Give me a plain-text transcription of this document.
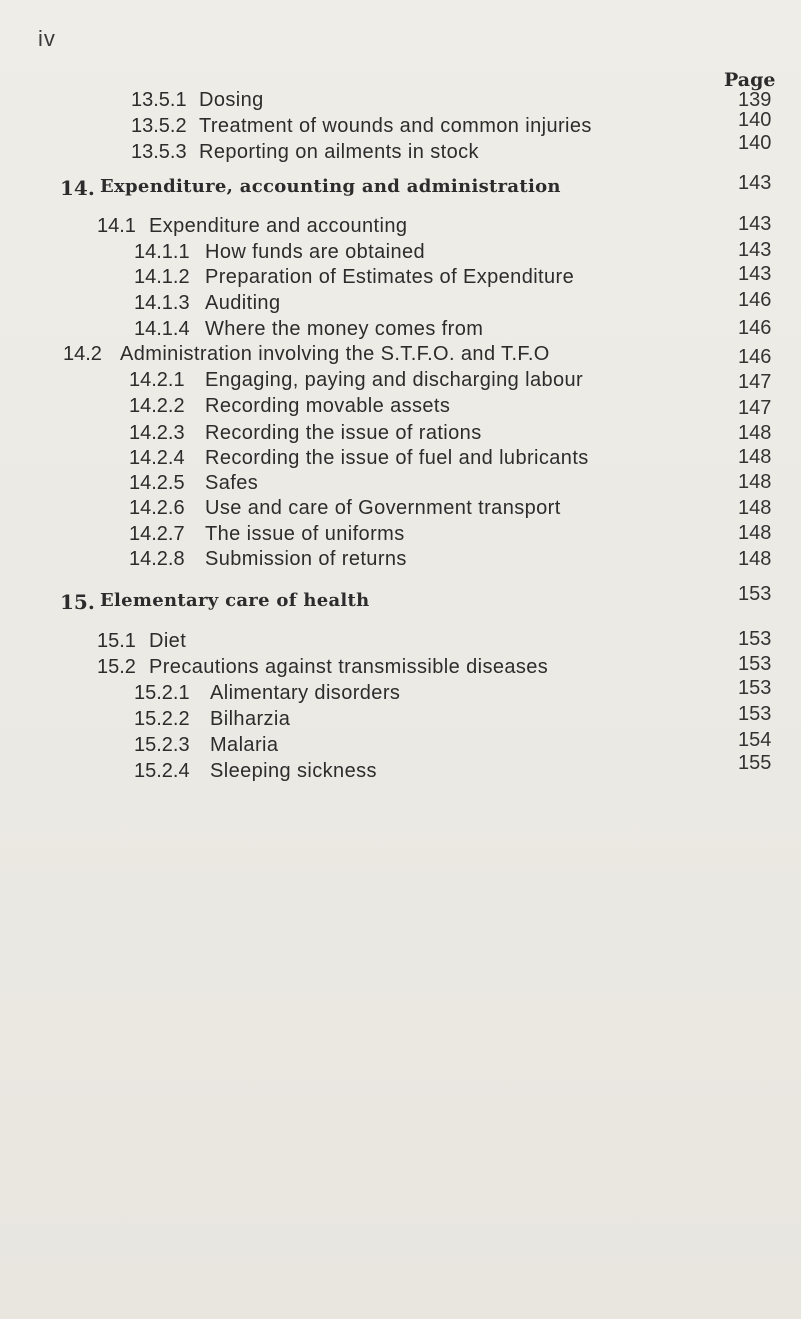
iv
Page
13.5.1 Dosing	139
13.5.2 Treatment of wounds and common injuries	140
13.5.3 Reporting on ailments in stock	140
14. Expenditure, accounting and administration	143
14.1 Expenditure and accounting	143
14.1.1 How funds are obtained	143
14.1.2 Preparation of Estimates of Expenditure	143
14.1.3 Auditing	146
14.1.4 Where the money comes from	146
14.2 Administration involving the S.T.F.O. and T.F.O	146
14.2.1 Engaging, paying and discharging labour	147
14.2.2 Recording movable assets	147
14.2.3 Recording the issue of rations	148
14.2.4 Recording the issue of fuel and lubricants	148
14.2.5 Safes	148
14.2.6 Use and care of Government transport	148
14.2.7 The issue of uniforms	148
14.2.8 Submission of returns	148
15. Elementary care of health	153
15.1 Diet	153
15.2 Precautions against transmissible diseases	153
15.2.1 Alimentary disorders	153
15.2.2 Bilharzia	153
15.2.3 Malaria	154
15.2.4 Sleeping sickness	155
